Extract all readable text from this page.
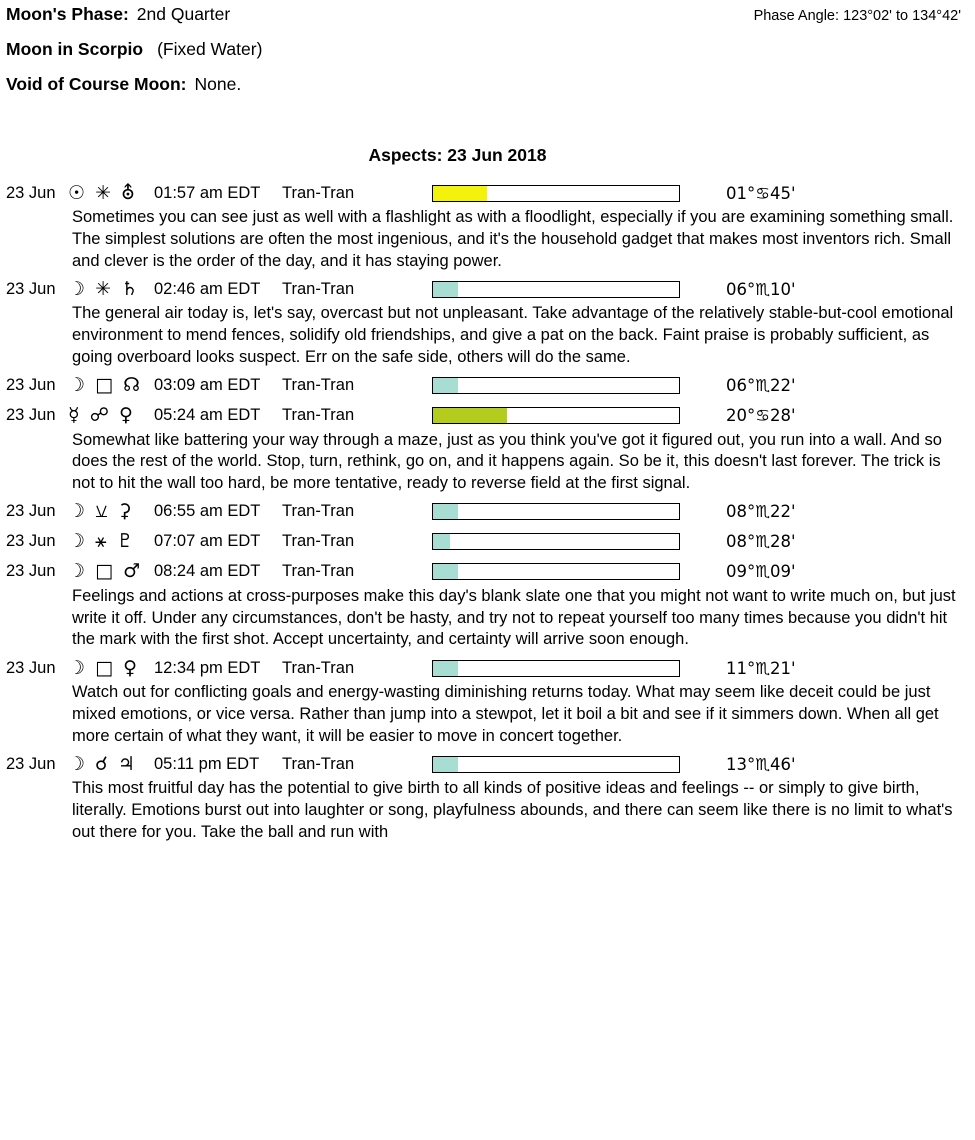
Moon's Phase: 2nd Quarter	Phase Angle: 123°02' to 134°42'
Moon in Scorpio (Fixed Water)
Void of Course Moon: None.
Aspects: 23 Jun 2018
23 Jun ☉ ✳ ⛢	01:57 am EDT	Tran-Tran	01°♋45'
Sometimes you can see just as well with a flashlight as with a floodlight, especially if you are examining something small. The simplest solutions are often the most ingenious, and it's the household gadget that makes most inventors rich. Small and clever is the order of the day, and it has staying power.
23 Jun ☽ ✳ ♄ 02:46 am EDT	Tran-Tran	06°♏10'
The general air today is, let's say, overcast but not unpleasant. Take advantage of the relatively stable-but-cool emotional environment to mend fences, solidify old friendships, and give a pat on the back. Faint praise is probably sufficient, as going overboard looks suspect. Err on the safe side, others will do the same.
23 Jun ☽ □ ☊ 03:09 am EDT	Tran-Tran	06°♏22'
23 Jun ☿ ☍ ♀	05:24 am EDT	Tran-Tran	20°♋28'
Somewhat like battering your way through a maze, just as you think you've got it figured out, you run into a wall. And so does the rest of the world. Stop, turn, rethink, go on, and it happens again. So be it, this doesn't last forever. The trick is not to hit the wall too hard, be more tentative, ready to reverse field at the first signal.
23 Jun ☽ ⚺ ⚳	06:55 am EDT	Tran-Tran	08°♏22'
23 Jun ☽ ⚹ ♇	07:07 am EDT	Tran-Tran	08°♏28'
23 Jun ☽ □ ♂ 08:24 am EDT	Tran-Tran	09°♏09'
Feelings and actions at cross-purposes make this day's blank slate one that you might not want to write much on, but just write it off. Under any circumstances, don't be hasty, and try not to repeat yourself too many times because you didn't hit the mark with the first shot. Accept uncertainty, and certainty will arrive soon enough.
23 Jun ☽ □ ♀ 12:34 pm EDT	Tran-Tran	11°♏21'
Watch out for conflicting goals and energy-wasting diminishing returns today. What may seem like deceit could be just mixed emotions, or vice versa. Rather than jump into a stewpot, let it boil a bit and see if it simmers down. When all get more certain of what they want, it will be easier to move in concert together.
23 Jun ☽ ☌ ♃	05:11 pm EDT	Tran-Tran	13°♏46'
This most fruitful day has the potential to give birth to all kinds of positive ideas and feelings -- or simply to give birth, literally. Emotions burst out into laughter or song, playfulness abounds, and there can seem like there is no limit to what's out there for you. Take the ball and run with
